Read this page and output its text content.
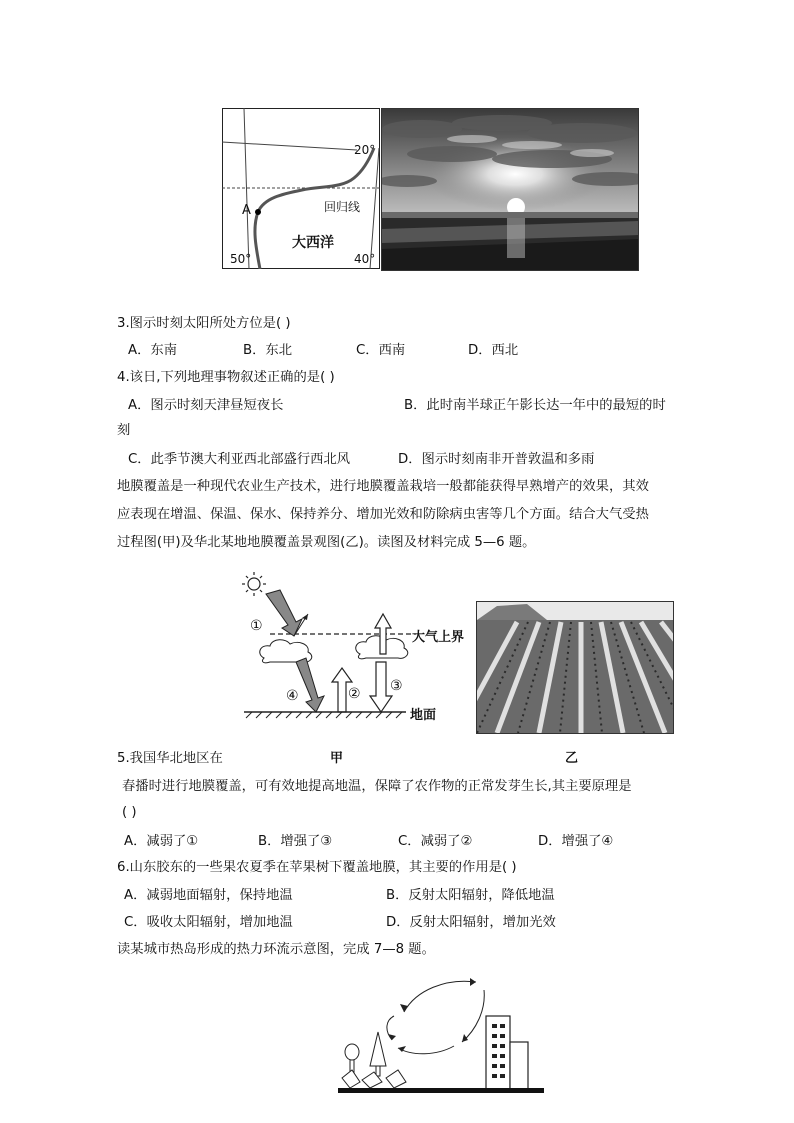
20°
回归线
A
大西洋
50°	40°
3.图示时刻太阳所处方位是( )
A．东南	B．东北	C．西南	D．西北
4.该日,下列地理事物叙述正确的是( )
A．图示时刻天津昼短夜长	B．此时南半球正午影长达一年中的最短的时
刻
C．此季节澳大利亚西北部盛行西北风	D．图示时刻南非开普敦温和多雨
地膜覆盖是一种现代农业生产技术，进行地膜覆盖栽培一般都能获得早熟增产的效果，其效
应表现在增温、保温、保水、保持养分、增加光效和防除病虫害等几个方面。结合大气受热
过程图(甲)及华北某地地膜覆盖景观图(乙)。读图及材料完成 5—6 题。
①
大气上界
④	② ③
地面
5.我国华北地区在	甲	乙
春播时进行地膜覆盖，可有效地提高地温，保障了农作物的正常发芽生长,其主要原理是
( )
A．减弱了①	B．增强了③	C．减弱了②	D．增强了④
6.山东胶东的一些果农夏季在苹果树下覆盖地膜，其主要的作用是( )
A．减弱地面辐射，保持地温	B．反射太阳辐射，降低地温
C．吸收太阳辐射，增加地温	D．反射太阳辐射，增加光效
读某城市热岛形成的热力环流示意图，完成 7—8 题。
